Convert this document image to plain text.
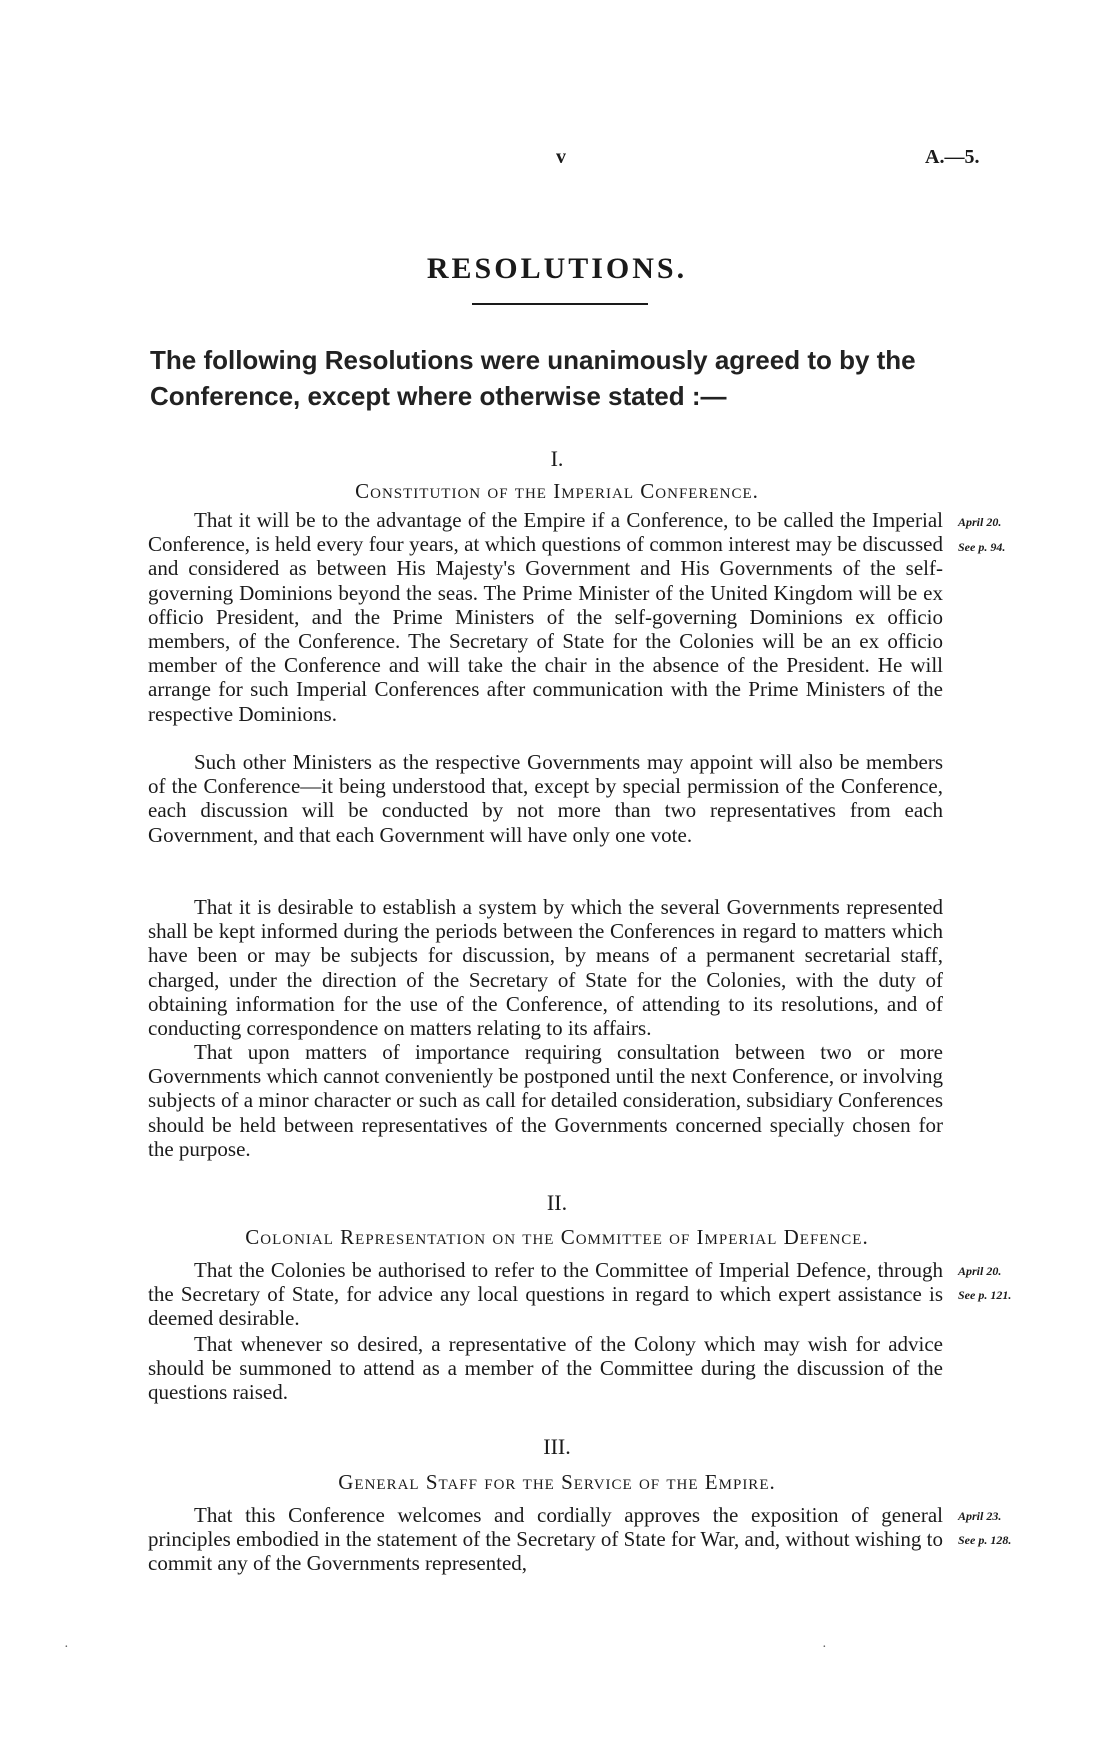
v	A.—5.
RESOLUTIONS.
The following Resolutions were unanimously agreed to by the Conference, except where otherwise stated :—
I.
Constitution of the Imperial Conference.

That it will be to the advantage of the Empire if a Conference, to be called the Imperial Conference, is held every four years, at which questions of common interest may be discussed and considered as between His Majesty's Government and His Governments of the self-governing Dominions beyond the seas. The Prime Minister of the United Kingdom will be ex officio President, and the Prime Ministers of the self-governing Dominions ex officio members, of the Conference. The Secretary of State for the Colonies will be an ex officio member of the Conference and will take the chair in the absence of the President. He will arrange for such Imperial Conferences after communication with the Prime Ministers of the respective Dominions.

Such other Ministers as the respective Governments may appoint will also be members of the Conference—it being understood that, except by special permission of the Conference, each discussion will be conducted by not more than two representatives from each Government, and that each Government will have only one vote.

That it is desirable to establish a system by which the several Governments represented shall be kept informed during the periods between the Conferences in regard to matters which have been or may be subjects for discussion, by means of a permanent secretarial staff, charged, under the direction of the Secretary of State for the Colonies, with the duty of obtaining information for the use of the Conference, of attending to its resolutions, and of conducting correspondence on matters relating to its affairs.

That upon matters of importance requiring consultation between two or more Governments which cannot conveniently be postponed until the next Conference, or involving subjects of a minor character or such as call for detailed consideration, subsidiary Conferences should be held between representatives of the Governments concerned specially chosen for the purpose.

April 20.
See p. 94.
II.
Colonial Representation on the Committee of Imperial Defence.

That the Colonies be authorised to refer to the Committee of Imperial Defence, through the Secretary of State, for advice any local questions in regard to which expert assistance is deemed desirable.

That whenever so desired, a representative of the Colony which may wish for advice should be summoned to attend as a member of the Committee during the discussion of the questions raised.

April 20.
See p. 121.
III.
General Staff for the Service of the Empire.

That this Conference welcomes and cordially approves the exposition of general principles embodied in the statement of the Secretary of State for War, and, without wishing to commit any of the Governments represented,

April 23.
See p. 128.
·	·
